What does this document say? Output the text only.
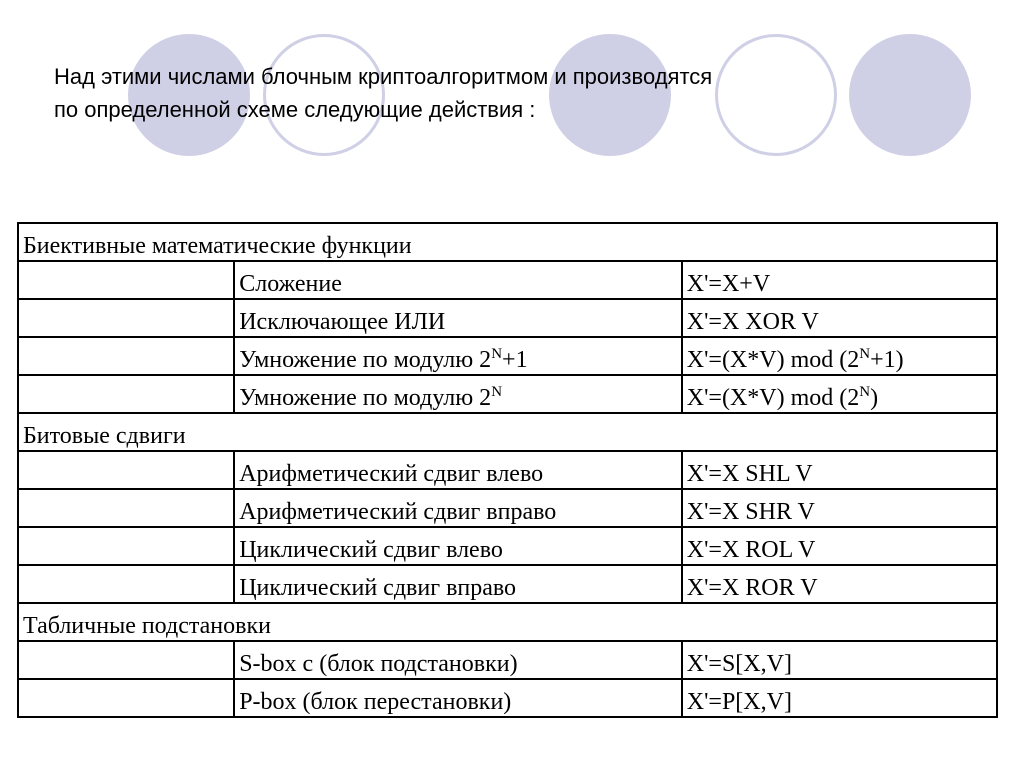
Над этими числами блочным криптоалгоритмом и производятся
по определенной схеме следующие действия :
Биективные математические функции		
	Сложение	X'=X+V
	Исключающее ИЛИ	X'=X XOR V
	Умножение по модулю $2^N+1$	X'=(X*V) mod $(2^N+1)$
	Умножение по модулю $2^N$	X'=(X*V) mod $(2^N)$
Битовые сдвиги		
	Арифметический сдвиг влево	X'=X SHL V
	Арифметический сдвиг вправо	X'=X SHR V
	Циклический сдвиг влево	X'=X ROL V
	Циклический сдвиг вправо	X'=X ROR V
Табличные подстановки		
	S-box с (блок подстановки)	X'=S[X,V]
	P-box (блок перестановки)	X'=P[X,V]
